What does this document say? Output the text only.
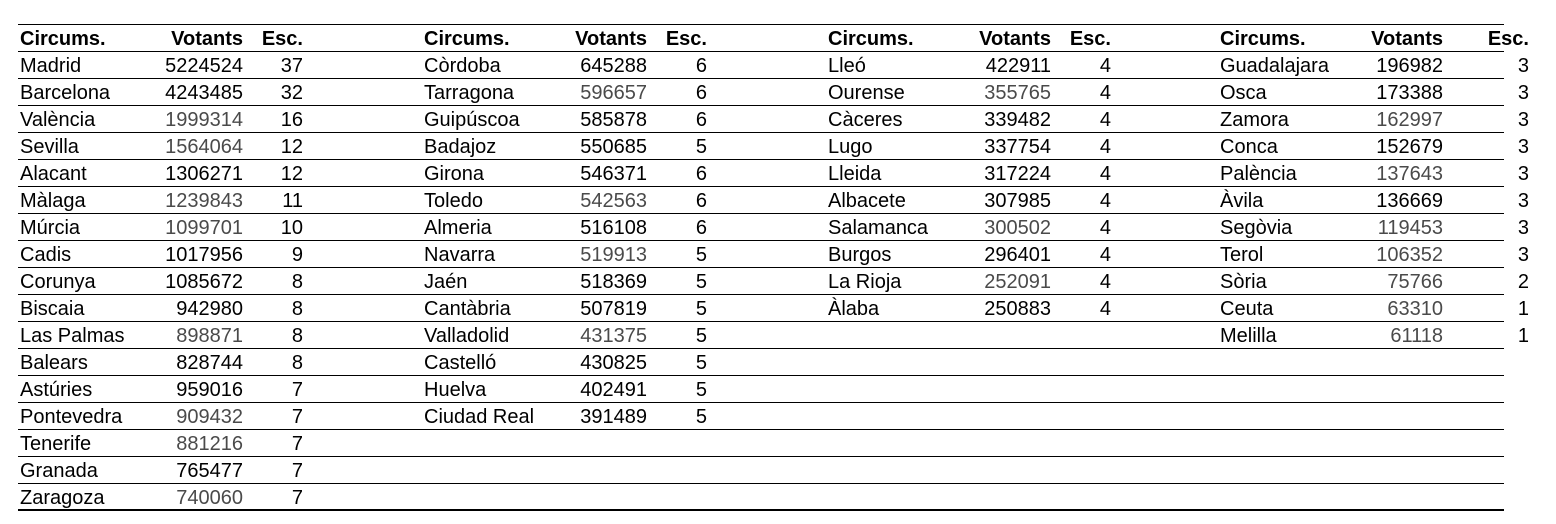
Circums.	Votants Esc.
Madrid	5224524	37
Barcelona	4243485	32
València	1999314	16
Sevilla	1564064	12
Alacant	1306271	12
Màlaga	1239843	11
Múrcia	1099701	10
Cadis	1017956	9
Corunya	1085672	8
Biscaia	942980	8
Las Palmas	898871	8
Balears	828744	8
Astúries	959016	7
Pontevedra	909432	7
Tenerife	881216	7
Granada	765477	7
Zaragoza	740060	7
Circums.	Votants Esc.
Còrdoba	645288	6
Tarragona	596657	6
Guipúscoa	585878	6
Badajoz	550685	5
Girona	546371	6
Toledo	542563	6
Almeria	516108	6
Navarra	519913	5
Jaén	518369	5
Cantàbria	507819	5
Valladolid	431375	5
Castelló	430825	5
Huelva	402491	5
Ciudad Real	391489	5
Circums.	Votants Esc.
Lleó	422911	4
Ourense	355765	4
Càceres	339482	4
Lugo	337754	4
Lleida	317224	4
Albacete	307985	4
Salamanca	300502	4
Burgos	296401	4
La Rioja	252091	4
Àlaba	250883	4
Circums.	Votants	Esc.
Guadalajara	196982	3
Osca	173388	3
Zamora	162997	3
Conca	152679	3
Palència	137643	3
Àvila	136669	3
Segòvia	119453	3
Terol	106352	3
Sòria	75766	2
Ceuta	63310	1
Melilla	61118	1
